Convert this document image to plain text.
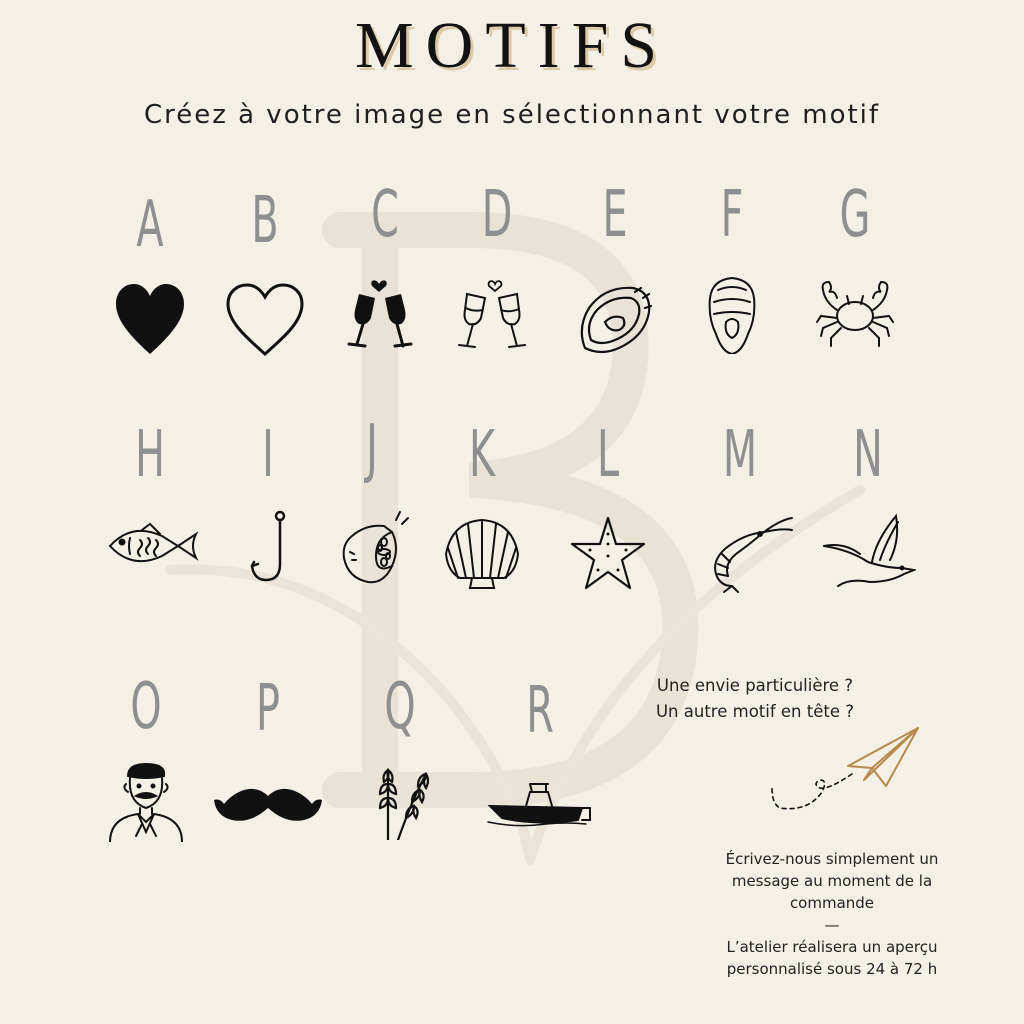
MOTIFS
Créez à votre image en sélectionnant votre motif
A	B	C	D	E	F	G
H	I	J	K	L	M	N
O	P	Q	R	Une envie particulière ?
Un autre motif en tête ?
Écrivez-nous simplement un message au moment de la commande
—
L’atelier réalisera un aperçu personnalisé sous 24 à 72 h
